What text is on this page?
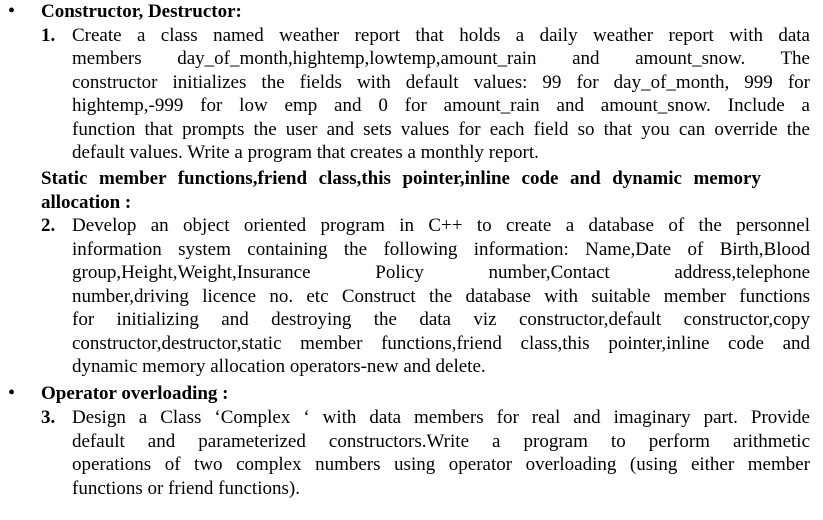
• Constructor, Destructor:
1. Create a class named weather report that holds a daily weather report with data
members day_of_month,hightemp,lowtemp,amount_rain and amount_snow. The
constructor initializes the fields with default values: 99 for day_of_month, 999 for
hightemp,-999 for low emp and 0 for amount_rain and amount_snow. Include a
function that prompts the user and sets values for each field so that you can override the
default values. Write a program that creates a monthly report.
Static member functions,friend class,this pointer,inline code and dynamic memory
allocation :
2. Develop an object oriented program in C++ to create a database of the personnel
information system containing the following information: Name,Date of Birth,Blood
group,Height,Weight,Insurance Policy number,Contact address,telephone
number,driving licence no. etc Construct the database with suitable member functions
for initializing and destroying the data viz constructor,default constructor,copy
constructor,destructor,static member functions,friend class,this pointer,inline code and
dynamic memory allocation operators-new and delete.
• Operator overloading :
3. Design a Class ‘Complex ‘ with data members for real and imaginary part. Provide
default and parameterized constructors.Write a program to perform arithmetic
operations of two complex numbers using operator overloading (using either member
functions or friend functions).
